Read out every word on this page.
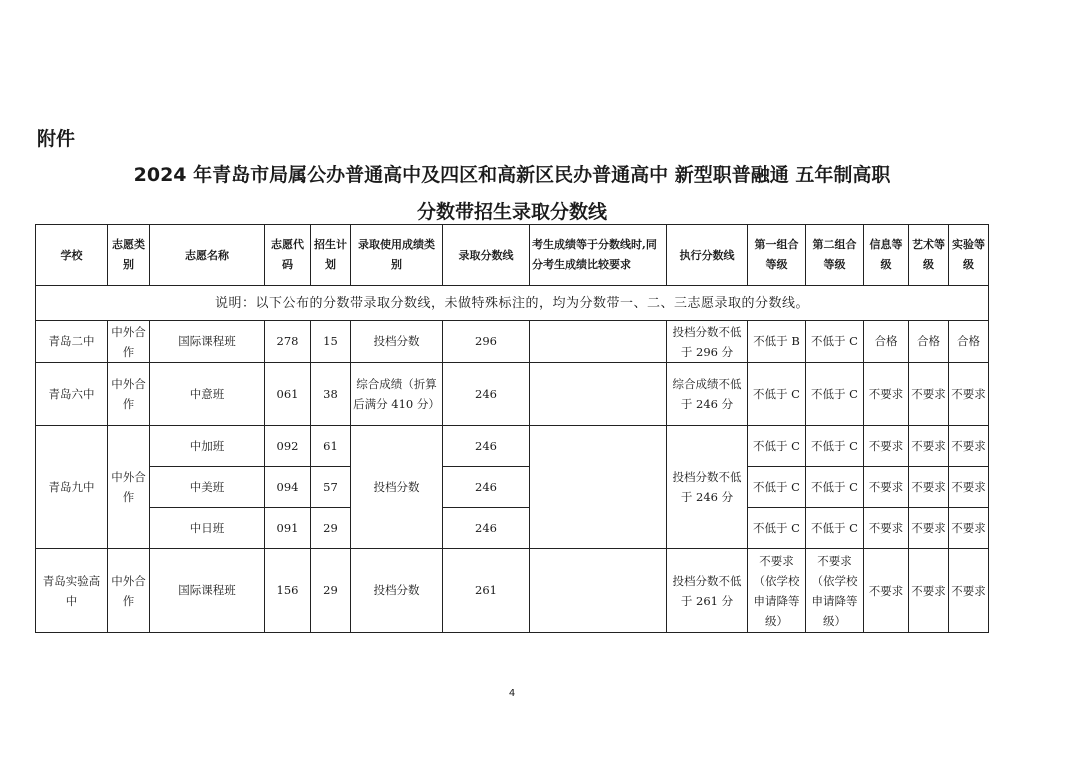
附件
2024 年青岛市局属公办普通高中及四区和高新区民办普通高中 新型职普融通 五年制高职
分数带招生录取分数线
学校	志愿类别	志愿名称	志愿代码	招生计划	录取使用成绩类别	录取分数线	考生成绩等于分数线时,同分考生成绩比较要求	执行分数线	第一组合等级	第二组合等级	信息等级	艺术等级	实验等级
说明：以下公布的分数带录取分数线，未做特殊标注的，均为分数带一、二、三志愿录取的分数线。													
青岛二中	中外合作	国际课程班	278	15	投档分数	296		投档分数不低于 296 分	不低于 B	不低于 C	合格	合格	合格
青岛六中	中外合作	中意班	061	38	综合成绩（折算后满分 410 分）	246		综合成绩不低于 246 分	不低于 C	不低于 C	不要求	不要求	不要求
青岛九中	中外合作	中加班	092	61	投档分数	246		投档分数不低于 246 分	不低于 C	不低于 C	不要求	不要求	不要求
		中美班	094	57		246			不低于 C	不低于 C	不要求	不要求	不要求
		中日班	091	29		246			不低于 C	不低于 C	不要求	不要求	不要求
青岛实验高中	中外合作	国际课程班	156	29	投档分数	261		投档分数不低于 261 分	不要求（依学校申请降等级）	不要求（依学校申请降等级）	不要求	不要求	不要求
4
